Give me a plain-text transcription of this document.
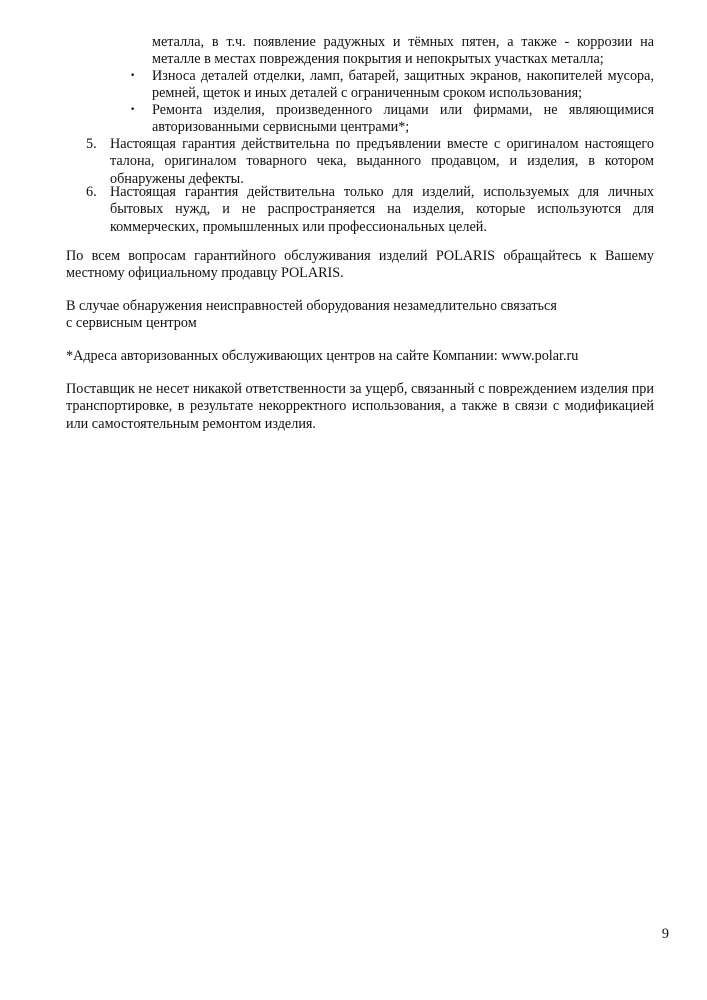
металла, в т.ч. появление радужных и тёмных пятен, а также - коррозии на металле в местах повреждения покрытия и непокрытых участках металла;
•	Износа деталей отделки, ламп, батарей, защитных экранов, накопителей мусора, ремней, щеток и иных деталей с ограниченным сроком использования;
•	Ремонта изделия, произведенного лицами или фирмами, не являющимися авторизованными сервисными центрами*;
5. Настоящая гарантия действительна по предъявлении вместе с оригиналом настоящего талона, оригиналом товарного чека, выданного продавцом, и изделия, в котором обнаружены дефекты.
6. Настоящая гарантия действительна только для изделий, используемых для личных бытовых нужд, и не распространяется на изделия, которые используются для коммерческих, промышленных или профессиональных целей.
По всем вопросам гарантийного обслуживания изделий POLARIS обращайтесь к Вашему местному официальному продавцу POLARIS.
В случае обнаружения неисправностей оборудования незамедлительно связаться
с сервисным центром
*Адреса авторизованных обслуживающих центров на сайте Компании: www.polar.ru
Поставщик не несет никакой ответственности за ущерб, связанный с повреждением изделия при транспортировке, в результате некорректного использования, а также в связи с модификацией или самостоятельным ремонтом изделия.
9
